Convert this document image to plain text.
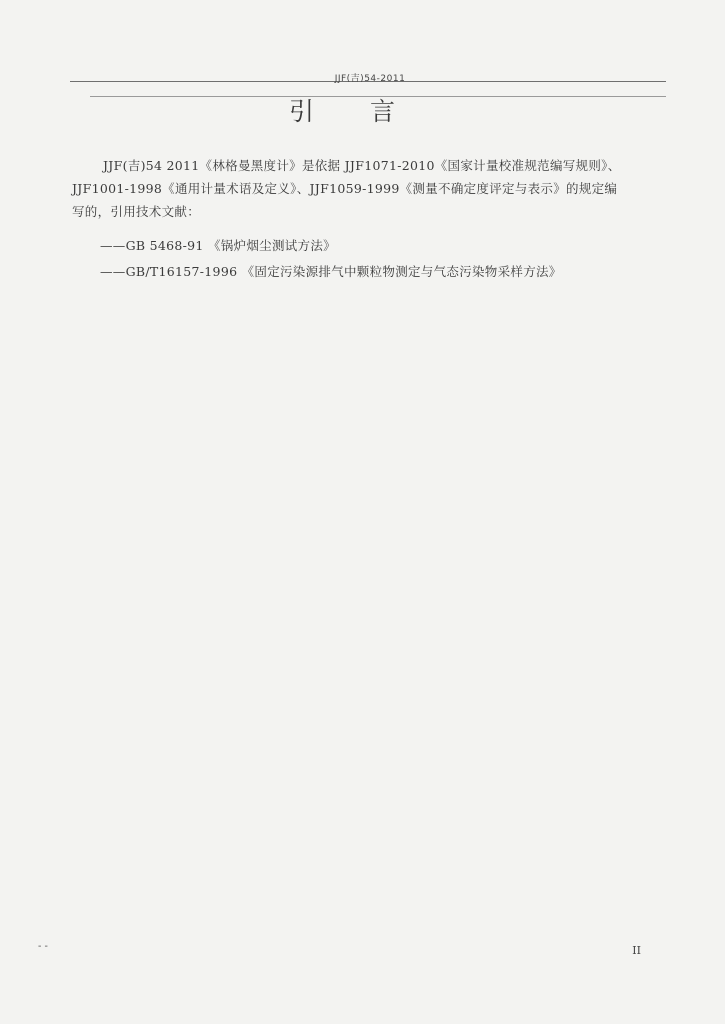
JJF(吉)54-2011
引言

JJF(吉)54 2011《林格曼黑度计》是依据 JJF1071-2010《国家计量校准规范编写规则》、
JJF1001-1998《通用计量术语及定义》、JJF1059-1999《测量不确定度评定与表示》的规定编
写的，引用技术文献：

——GB 5468-91 《锅炉烟尘测试方法》
——GB/T16157-1996 《固定污染源排气中颗粒物测定与气态污染物采样方法》
- -	II
